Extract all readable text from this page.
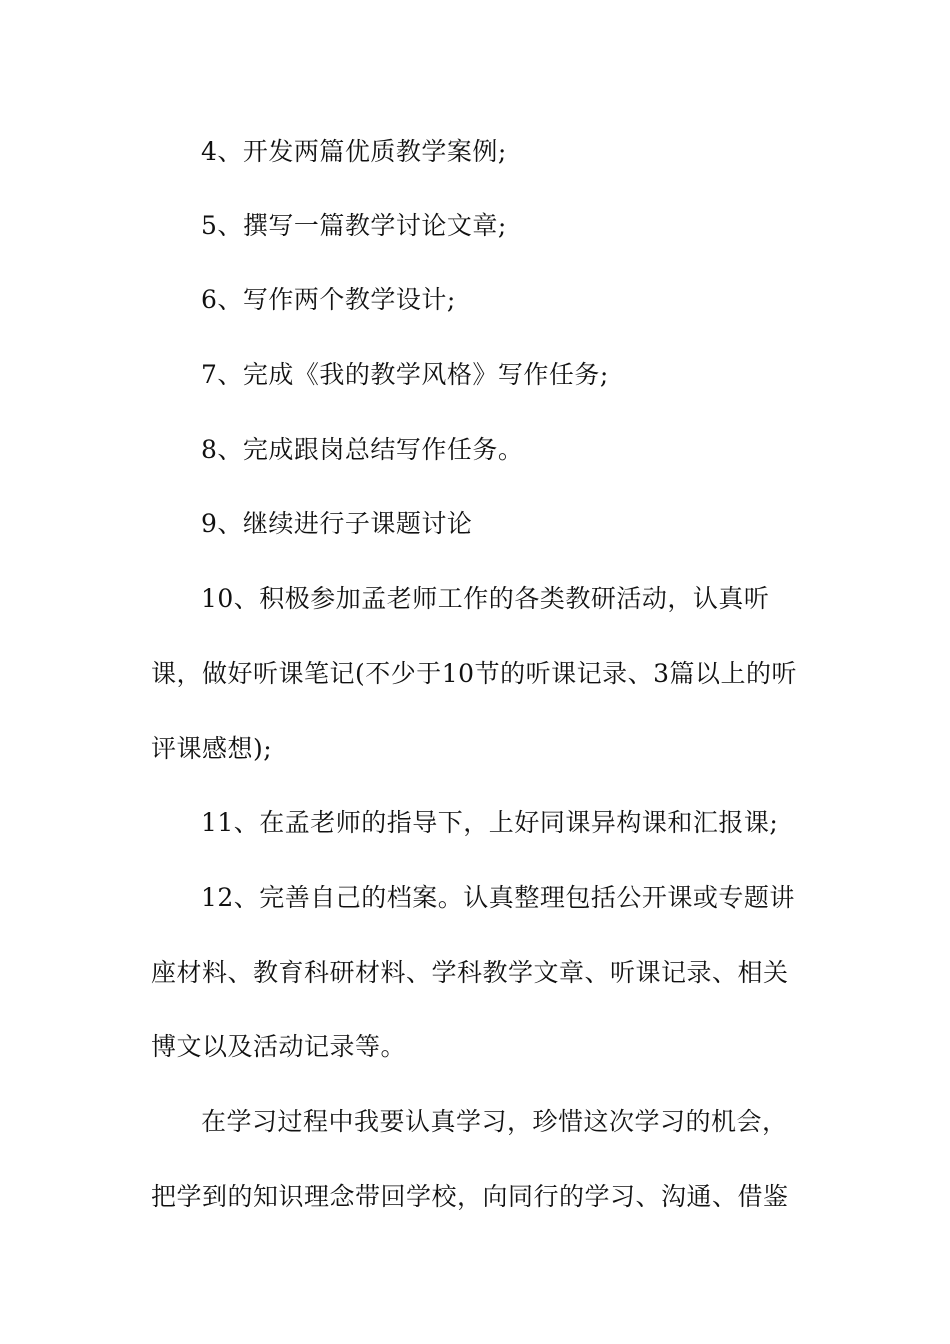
4、开发两篇优质教学案例;
5、撰写一篇教学讨论文章;
6、写作两个教学设计;
7、完成《我的教学风格》写作任务;
8、完成跟岗总结写作任务。
9、继续进行子课题讨论
10、积极参加孟老师工作的各类教研活动，认真听
课，做好听课笔记(不少于10节的听课记录、3篇以上的听
评课感想);
11、在孟老师的指导下，上好同课异构课和汇报课;
12、完善自己的档案。认真整理包括公开课或专题讲
座材料、教育科研材料、学科教学文章、听课记录、相关
博文以及活动记录等。
在学习过程中我要认真学习，珍惜这次学习的机会，
把学到的知识理念带回学校，向同行的学习、沟通、借鉴
